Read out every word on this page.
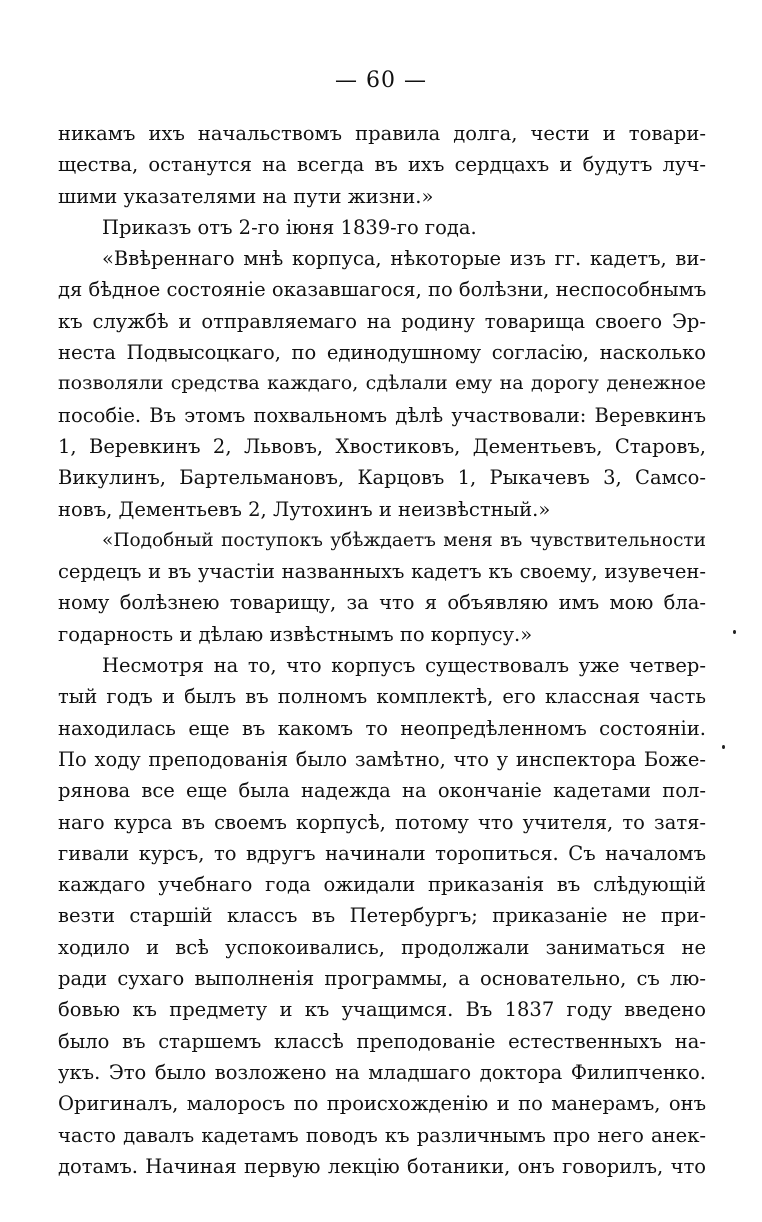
— 60 —
никамъ ихъ начальствомъ правила долга, чести и товари-
щества, останутся на всегда въ ихъ сердцахъ и будутъ луч-
шими указателями на пути жизни.»
Приказъ отъ 2-го іюня 1839-го года.
«Ввѣреннаго мнѣ корпуса, нѣкоторые изъ гг. кадетъ, ви-
дя бѣдное состояніе оказавшагося, по болѣзни, неспособнымъ
къ службѣ и отправляемаго на родину товарища своего Эр-
неста Подвысоцкаго, по единодушному согласію, насколько
позволяли средства каждаго, сдѣлали ему на дорогу денежное
пособіе. Въ этомъ похвальномъ дѣлѣ участвовали: Веревкинъ
1, Веревкинъ 2, Львовъ, Хвостиковъ, Дементьевъ, Старовъ,
Викулинъ, Бартельмановъ, Карцовъ 1, Рыкачевъ 3, Самсо-
новъ, Дементьевъ 2, Лутохинъ и неизвѣстный.»
«Подобный поступокъ убѣждаетъ меня въ чувствительности
сердецъ и въ участіи названныхъ кадетъ къ своему, изувечен-
ному болѣзнею товарищу, за что я объявляю имъ мою бла-
годарность и дѣлаю извѣстнымъ по корпусу.»
Несмотря на то, что корпусъ существовалъ уже четвер-
тый годъ и былъ въ полномъ комплектѣ, его классная часть
находилась еще въ какомъ то неопредѣленномъ состояніи.
По ходу преподованія было замѣтно, что у инспектора Боже-
рянова все еще была надежда на окончаніе кадетами пол-
наго курса въ своемъ корпусѣ, потому что учителя, то затя-
гивали курсъ, то вдругъ начинали торопиться. Съ началомъ
каждаго учебнаго года ожидали приказанія въ слѣдующій
везти старшій классъ въ Петербургъ; приказаніе не при-
ходило и всѣ успокоивались, продолжали заниматься не
ради сухаго выполненія программы, а основательно, съ лю-
бовью къ предмету и къ учащимся. Въ 1837 году введено
было въ старшемъ классѣ преподованіе естественныхъ на-
укъ. Это было возложено на младшаго доктора Филипченко.
Оригиналъ, малоросъ по происхожденію и по манерамъ, онъ
часто давалъ кадетамъ поводъ къ различнымъ про него анек-
дотамъ. Начиная первую лекцію ботаники, онъ говорилъ, что
